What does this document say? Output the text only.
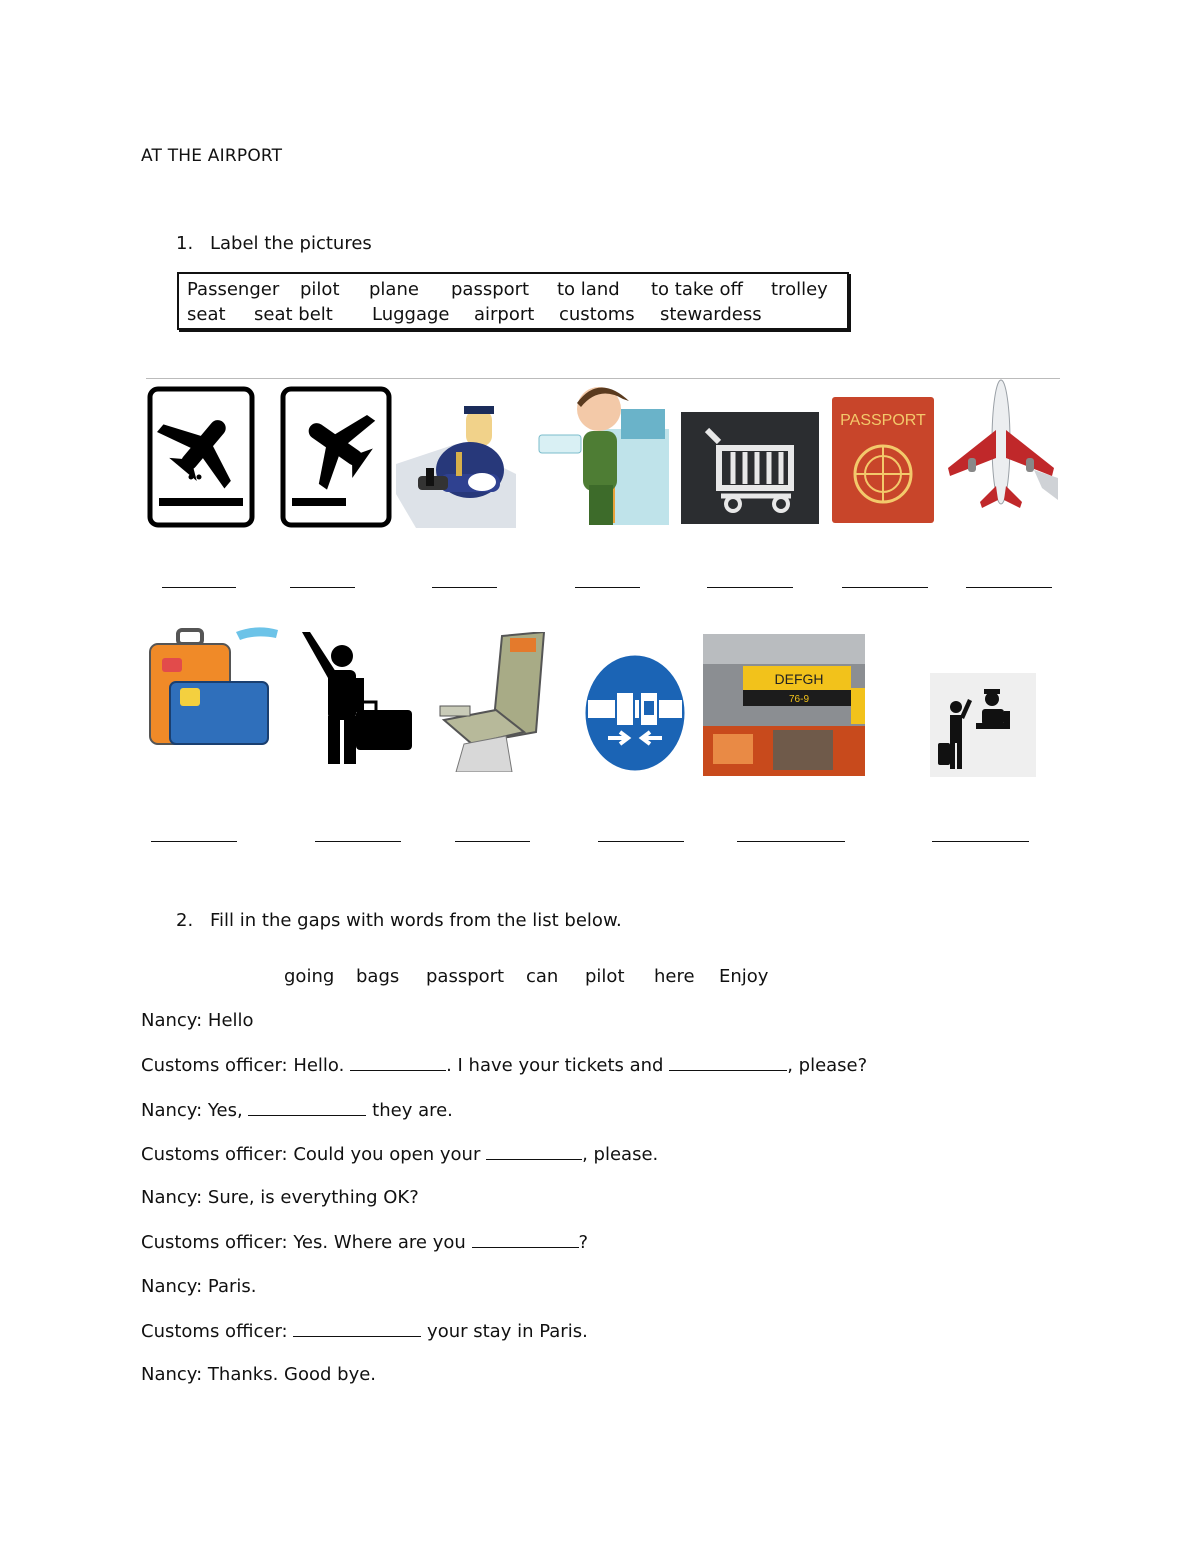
AT THE AIRPORT
1. Label the pictures
Passenger pilot plane passport to land to take off trolley
seat seat belt Luggage airport customs stewardess
PASSPORT
DEFGH
76-9
2. Fill in the gaps with words from the list below.
going bags passport can pilot here Enjoy
Nancy: Hello
Customs officer: Hello.	. I have your tickets and	, please?
Nancy: Yes,	they are.
Customs officer: Could you open your	, please.
Nancy: Sure, is everything OK?
Customs officer: Yes. Where are you	?
Nancy: Paris.
Customs officer:	your stay in Paris.
Nancy: Thanks. Good bye.
